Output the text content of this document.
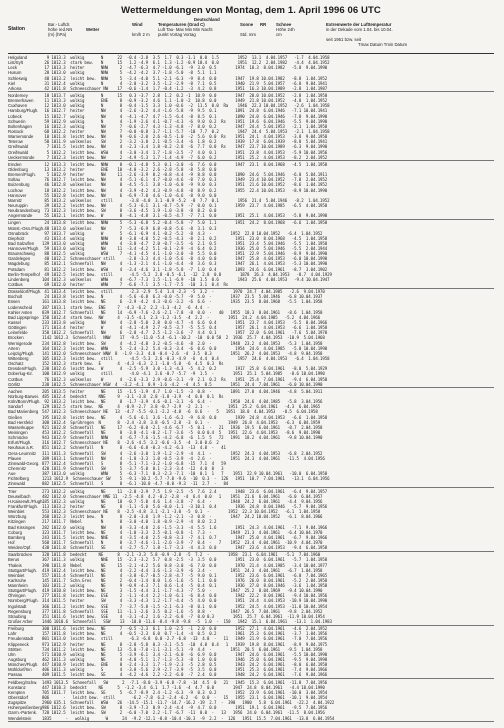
Wettermeldungen von Montag, dem 1. April 1996 06 UTC
Deutschland
Station
Bar.- Luftdr.
höhe red.NN
(m) (hPa)
Wetter
Wind
km/h 2 m
Temperaturen (Grad C)
Luft Tau- Max Min Min Nacht
punkt Vortag Vortag
Sonne RR
Std. mm
Schnee
Höhe 24h
cm
Extremwerte der Lufttemperatur
in der Dekade vom 1.04. bis 10.04.
seit 1951 bzw. seit
Tmax Datum Tmin Datum
Helgoland	9 1013.3  wolkig       N      22  -0.4 -2.8  3.5  1.7  0.3 -1.1  0.0  1.5        1952  13.1  4.04.1957   -1.7  4.04.1958
List/Sylt	26 1012.3  stark bew.   N      15   1.2 -4.9  6.1  1.3 -1.2 -0.9 10.4  0.0        1951  12.2  2.04.1982   -4.4  4.04.1952
Leck	17 1013.3  heiter       NNW     2  -4.7 -6.3  4.7 -1.0 -6.1  -9  3.0  0.5        1974  18.3  8.04.1982   -5.8  9.04.1990
Husum	28 1013.0  wolkig       NNW     5  -4.2 -4.2  3.7 -1.8 -5.0  -8  5.1  1.1
Schleswig	48 1013.2  leicht bew.  NNW     5  -3.4 -4.0  5.1 -2.1 -6.3  -9  8.4  0.0        1947  19.8 10.04.1982   -8.8  1.04.1952
Kiel	31 1012.4  wolkig       N       4  -2.0 -3.2  3.5 -1.2 -2.9  -8  7.1  0.5        1940  21.9  5.04.1957   -6.8  9.04.1941
Arkona	42 1011.8  Schneeschauer NW    17  -0.6 -1.4  1.7 -0.4 -1.2  -3  4.2  0.8        1951  16.3 10.04.1989   -2.8  1.04.1987
Norderney	18 1013.7  wolkig       N      15   0.3 -3.7  2.8  1.2  0.2 -1  10.9  0.0        1947  20.0 10.04.1952   -2.8  1.04.1958
Bremerhaven	11 1013.3  wolkig       ENE     8  -0.9 -3.2  4.6  1.1 -1.0 -2  10.8  0.0        1949  21.8 10.04.1952   -4.8  1.04.1952
Cuxhaven	12 1013.0  wolkig       N       8  -0.4 -1.5  3.3  1.0 -0.6  -2  11.5  0.0  Ra    1946  22.3 10.04.1952   -2.6  1.04.1958
Hamburg/Flugh. 16 1012.7  heiter       NW      4  -2.6 -3.2  4.4 -1.6 -5.8  -9  9.5  0.1        1891  24.8  6.04.1946   -7.1 10.04.1941
Lübeck	15 1012.7  wolkig       NW      4  -4.1 -4.7  4.7 -1.5 -6.4  -8  8.5  0.1        1890  24.0  6.04.1946   -7.8  9.04.1990
Schwerin	59 1012.9  wolkig       N       4  -1.9 -2.6  4.1 -0.7 -4.3  -6  9.0  0.2  Rs    1951  19.6  6.04.1946   -5.5  9.04.1990
Boltenhagen	16 1012.3  wolkig       NW      7  -0.6 -2.7  4.3 -1.3 -4.8  -7  8.0  0.2        1947  24.4  5.04.1953   -2.1  1.04.1958
Rostock	68 1012.2  heiter       NW      7  -0.0 -0.8  3.7 -1.1 -5.7  -10  7.7  0.2        1947  24.4  5.04.1953   -2.1  1.04.1958
Warnemünde	10 1011.8  leicht bew.  NW      9  -0.6 -2.0  2.6 -0.5 -1.0  -2  5.6  0.0  Rs    1951  24.1  4.04.1953   -3.8  9.04.1958
Teterow	50 1011.9  wolkenlos    SW      2  -3.2 -3.8  2.1 -0.5 -3.4  -6  1.8  0.2        1939  17.8  6.04.1939   -8.8  5.04.1941
Greifswald	7 1011.5  leicht bew.  NW      4  -2.3 -3.4  1.8 -0.2 -2.8  -6  7.7  0.0  Rs    1947  23.7 10.04.1989   -6.3  9.04.1990
Greifswald	5 1012.2  leicht bew.  WSW     4  -3.0 -3.4  1.7 -1.8 -3.5  -7  4.0  0.1        1951  23.8  4.04.1953   -5.9 10.04.1956
Ueckermünde	7 1012.3  leicht bew.  NW      2  -4.9 -5.3  1.7 -1.4 -4.9  -7  6.0  0.2        1951  25.2  4.04.1953   -8.2  2.04.1952
Emden	12 1013.3  leicht bew.  NNW     8  -0.1 -4.8  5.3  0.1 -3.0  -6  7.6  0.0        1947  23.1  8.04.1968   -4.5  1.04.1958
Oldenburg	13 1013.2  heiter       ENE    10  -4.8 -3.2  2.6 -2.8 -5.8  -8  5.8  0.0
Bremen/Flugh.	5 1012.9  heiter       NW     11  -2.6 -3.9  8.2 -0.8 -4.4  -9  8.8  0.0        1890  24.6  5.04.1946   -6.0  5.04.1911
Soltau	76 1012.7  leicht bew.  NW      4  -5.1 -6.1  4.7 -0.0 -4.6  -8  7.0  0.3        1949  23.4 10.04.1952   -7.8  2.04.1952
Boizenburg	46 1012.8  wolkenlos    NW      8  -4.5 -5.1  3.8 -1.0 -6.0  -9  9.0  0.3        1951  21.6 10.04.1952   -8.6  1.04.1952
Lüchow	18 1012.2  leicht bew.  NW      4  -3.9 -4.2  4.3 -0.9 -4.8  -8  8.9  0.2        1955  22.4 10.04.1953   -8.9 10.04.1990
Hannover	55 1012.8  leicht bew.  NW      6  -6.9 -7.0  4.6 -1.0 -6.6  -8  9.0  0.0
Marnitz	85 1013.2  wolkenlos    still       -3.8 -4.8  3.1 -0.9 -5.2  -8  7.7  0.1        1956  21.4  5.04.1946   -8.2  1.04.1952
Neuruppin	39 1012.2  leicht bew.  NW      4  -5.3 -6.1  3.1 -0.7 -5.9  -7  0.0  0.1        1959  23.7  4.04.1985   -6.5  4.04.1958
Neubrandenburg 73 1012.3  leicht bew.  SW      8  -3.6 -4.5  1.9 -1.0 -3.8  -8  8.2  0.0
Angermünde	55 1012.1  leicht bew.  W       8  -4.1 -4.8  3.1 -0.5 -4.7  -7  7.1  0.0        1951  25.1  4.04.1953   -5.8  9.04.1990
Lingen	24 1013.8  leicht bew.  NNW     5  -5.3 -6.8  5.2 -0.4 -5.8  -7  5.0  1.1        1951  24.2  8.04.1968   -6.6  1.04.1958
Münst.-Osn./Flugh.
48 1013.0  wolkenlos    NW      7  -5.3 -6.9  6.8 -0.8 -5.6  -8  3.1  0.3
Osnabrück	97 1013.7  wolkig       W       5  -6.1 -6.9  4.1 -0.2 -5.2  -8  4.3  -        1952  22.8 10.04.1952   -6.4  1.04.1952
Diepholz	43 1013.4  wolkig       NNW     8  -3.8 -4.0  5.2 -0.5 -4.3  -8  2.1  0.2        1951  23.0  8.04.1968   -4.5  1.04.1958
Bad Salzuflen	139 1013.0  wolkig       WNW     4  -3.8 -4.7  2.0 -0.7 -3.5  -6  2.1  0.5        1951  23.4  5.04.1946   -5.5  1.04.1958
Hannover/Flugh. 59 1013.0  wolkig       NW     11  -3.4 -4.2  5.1 -0.1 -2.9  -4  6.4  0.2        1936  25.0  5.04.1946   -5.5  2.04.1944
Braunschweig	88 1012.5  wolkig       WSW     7  -4.1 -4.5  4.1 -1.0 -3.0  -8  5.5  0.0        1951  22.9  5.04.1946   -8.9  9.04.1990
Gardelegen	48 1012.2  Schneeschauer still     -2.8 -3.3  4.4 -1.0 -5.6  -8  4.0  0.0        1947  25.8  4.04.1953   -6.0 10.04.1990
Magdeburg	85 1012.1  Schneefall   NW      4  -1.3 -2.1  4.1 -1.0 -4.4  -8  3.6  0.3        1947  26.1  4.04.1953   -5.3 10.04.1990
Potsdam	81 1012.2  leicht bew.  WSW     4  -3.4 -4.6  3.1 -1.8 -5.8  -7  1.0  0.4        1893  24.6  6.04.1961   -8.7  3.04.1902
Berlin-Tempelhof 49 1012.5  leicht bew.  still       -4.5 -5.2  2.8 -0.5 -6.1  -12  2.8  0.8        1878  26.3  4.04.1953   -8.7  4.04.1929
Lindenberg	104 1012.3  wolkenlos    WNW     4  -6.7 -7.3  1.5 -1.1 -6.9  -10  1.5  0.6        1943  25.6  4.04.1953   -9.4 10.04.1947
Cottbus	69 1012.0  heiter       WNW     7  -6.6 -7.1  3.5 -1.7 -7.5  -10  3.1  0.4  Rs
Düsseldorf/Flugh. 41 1013.4  leicht bew.  still       -2.3 -2.9  5.4  1.4 -2.3  -5  3.2  -        1970  24.7  4.04.1985   -2.6  9.04.1970
Bocholt	24 1013.8  leicht bew.  N       4  -5.6 -6.8  6.3 -0.0 -5.7  -9  5.0  -        1937  23.5  5.04.1946   -6.8 10.04.1937
Essen	161 1013.8  leicht bew.  NE      6  -2.9 -4.2  4.3 -0.6 -3.2  -6  6.6  -        1935  23.5  8.04.1968   -5.5  1.04.1958
Lüdenscheid	387 1013.1  stark bew.  ENE     7  -4.3 -6.2  2.2 -1.3 -4.2  -6  4.4  -
Kahler Asten	839 1012.7  Schneefall   NE     14  -6.9 -7.6 -2.6 -2.1 -7.8  -8  0.0  -   40   1955  18.3  8.04.1961   -8.6  1.04.1958
Bad Lippspringe 158 1012.4  stark bew.  NW      4  -3.5 -4.1  2.3 -1.2 -3.5  -4  2.2  -        1951  24.2  4.04.1985   -5.2  4.04.1966
Kassel	233 1013.8  wolkig       NW      4  -2.8 -5.0  2.8  0.0 -4.7  -4  6.6  0.4        1951  23.7  4.04.1953   -5.5  8.04.1966
Göttingen	171 1013.4  heiter       W       4  -4.1 -4.9  2.7 -0.5 -3.7  -5  5.5  0.4        1957  26.1  4.04.1953   -6.6  1.04.1958
Leinefelde	350 1012.2  Schneefall   NW      6  -2.8 -4.7  2.5 -1.2 -3.6  -7  4.4  0.1        1957  22.0  6.04.1961   -7.6  5.04.1970
Brocken	1142 1012.3  Schneefall   NNW    17  -9.5 -11.0 -5.4 -6.1 -10.2  -10  0.0 58  2  1936  25.7  4.04.1953  -10.9  5.04.1968
Wernigerode	234 1012.8  leicht bew.  SW      4  -4.2 -4.8  3.2 -0.5 -4.6  -8  2.0  -        1948  23.2  4.04.1953   -5.3  1.04.1958
Artern	164 1012.3  leicht bew.  WNW     5  -2.4 -3.2  5.4 -0.3 -3.4  -6  0.6  0.0        1954  24.6  4.04.1985   -5.0 10.04.1990
Leipzig/Flugh.	141 1012.0  Schneeschauer WNW  8  -1.9 -3.3  4.0 -0.4 -2.6  -4  3.5  0.3        1951  26.2  4.04.1953   -4.8  9.04.1958
Wittenberg	105 1012.3  leicht bew.  still       -4.5 -5.3  2.6 -0.3 -4.9  -6  4.4  0.4        1957  24.6  4.04.1953   -6.4  1.04.1958
Oschatz	152 1012.3  stark bew.  E       4  -4.3 -6.3  2.1 -1.0 -5.0  -6  4.5  0.3  Rs
Dresden/Flugh.	230 1012.6  leicht bew.  W       4  -2.5 -5.9  3.0 -1.3 -4.3  -5  4.2  0.2        1917  25.8  6.04.1961   -8.0  5.04.1929
Doberlug-Kir.	100 1012.9  wolkig       still       -4.0 -4.1  2.6 -0.7 -5.7  -9  1.5  -        1951  25.1  5.04.1985   -8.6 10.04.1990
Cottbus	76 1012.3  wolkenlos    W       4  -2.6 -3.3  2.9 -0.6 -3.1  -9  2.1  0.2  Rs    1951  25.4  7.04.1961   -9.4  6.04.1958
Görlitz	238 1012.5  Schneeschauer WSW  4  -3.2 -4.1  0.9 -1.6 -4.2  -4  4.5  0.5        1951  24.4  7.04.1961   -6.0 10.04.1990
Aachen	205 1013.5  heiter       NE     15  -1.5 -1.9  4.7  1.0 -1.5  -3  0.8  -        1891  27.0  4.04.1946   -4.8  5.04.1911
Nürburg-Barwei. 485 1012.4  bedeckt     NNE     9  -3.1 -3.8  2.8 -1.8 -3.9  -4  0.0  0.1  Rs
Köln/Bonn/Flugh. 92 1013.2  leicht bew.  NE      8  -1.7 -3.9  4.6 -0.1 -3.1  -6  6.4  -        1958  24.6  4.04.1985   -5.8  3.04.1956
Sandorf	129 1012.5  stark bew.  NE      4  -0.9 -2.7  3.8 -0.7 -2.9  -2  2.1  -        1951  25.2  6.04.1961   -4.3  6.04.1965
Bad Marienberg 547 1012.3  Schneeschauer NE   13  -4.7 -5.5 -0.1 -2.2 -4.8  -6  0.6  -   5   1951  18.0  4.04.1953   -8.5  6.04.1958
Gießen	195 1012.8  leicht bew.  NE      4  -5.6 -6.1  3.6 -1.6 -6.2  -9  6.8  0.0        1939  24.8  4.04.1953   -6.6  1.04.1958
Bad Hersfeld	308 1012.4  Sprühregen  N       8  -2.4 -3.8  3.8 -0.5 -2.8  -3  0.1  -        1949  26.8  4.04.1953   -6.3  6.04.1959
Wasserkuppe	921 1012.8  Schneefall   NE     17  -6.2 -8.0 -2.1 -4.6 -6.7  -5  0.1  -   21   1936  19.5  6.04.1961   -8.7  2.04.1958
Meiningen	453 1012.2  Schneefall   NE      8  -3.8 -4.1 -0.2 -1.7 -3.6  -5  0.0 0.4  5   1951  22.6  4.04.1953   -8.6  9.04.1990
Schmücke	943 1012.9  Schneefall   NNW     4  -6.7 -7.6 -1.5 -4.2 -6.8  -6  1.5  5   72   1991  18.2  4.04.1961   -9.8 10.04.1990
Erfurt/Flugh.	316 1012.7  Schneeschauer NE    8  -2.6 -4.5  3.2 -0.6 -3.5  -4  3.0 0.6  2
Neuhaus a.R.	851 1012.2  Schneefall   N       8  -6.6 -6.8 -0.3 -4.2 -6.3  -13  4.8  -   41
Gera-Leumnitz	311 1011.3  Schneefall   SW      4  -2.6 -3.0  1.9 -1.2 -2.9  -4  4.1  -        1952  24.3  4.04.1953   -6.8  2.04.1952
Plauen	389 1013.1  Schneefall   NW      4  -1.8 -3.3  1.0 -0.5 -3.9  -4  2.6  -        1951  24.3  4.04.1961   -11.5  4.04.1956
Zinnwald-Georg. 877 1012.4  Schneefall   S       8  -5.1 -7.1 -3.2 -1.0 -6.8  -15  7.1  4   59
Chemnitz	420 1011.9  Schneefall   SW      5  -3.7 -5.0  0.1 -2.3 -3.4  -12  4.0  0   3
Aue	387 1013.0  wolkig       WNW     5  -6.3 -7.1  0.3 -2.3 -7.1  -10  0.1  1   7    1951  22.9 10.04.1961   -10.0  6.04.1958
Fichtelberg	1213 1012.9  Schneeschauer SW    5  -9.1 -10.2 -5.7 -7.0 -9.6  -10  0.3  -  126   1951  18.7  7.04.1961   -13.1  6.04.1956
Zinnwald	882 1012.5  Schneefall   S       8  -6.1 -10.0 -4.7 -8.0 -9.3  -11  2.7  -   84
Trier	273 1012.2  wolkig       NE     11  -2.0 -2.9  7.5  1.9 -2.5  -5  7.6  2.4        1948  23.6  6.04.1961   -6.4  9.04.1957
Deuselbach	482 1012.0  Schneeschauer NNE 11  -2.5 -4.8  4.2 -0.2 -2.8  -4  6.4  0.0   1    1951  21.6  6.04.1961   -6.0  6.04.1957
H.Kaiserwlt./Flugh.
185 1012.3  wolkig       NE     18  -0.7 -5.0  4.6  1.4 -3.8  -7  6.4  -        1948  24.2  6.04.1961   -4.4  9.04.1956
Frankfurt/Flugh. 113 1013.2  heiter       NE      8  -1.1 -5.0  5.6 -0.0 -1.1  -3 10.1  0.4        1936  24.8  8.04.1946   -5.7  9.04.1956
Weinbiet	553 1012.3  Schneeschauer NE    8  -2.5 -4.8  3.1 -2.1 -3.0  -5  0.1  -        1952  22.3 10.04.1952   -6.1  1.04.1958
Würzburg	268 1012.3  leicht bew.  N       8  -2.0 -3.0  1.9 -1.2 -2.1  -3  0.8  -        1947  24.2 10.04.1952   -6.1  8.04.1966
Kitzingen	217 1011.7  Nebel        N       8  -3.0 -4.0  1.8 -0.9 -2.9  -4  8.0  2.2
Bad Kissingen	282 1012.0  wolkig       NW      8  -3.3 -4.0  2.6 -1.5 -3.3  -4  5.5  1.6        1951  24.3  4.04.1961   -7.1  9.04.1966
Coburg	323 1011.7  leicht bew.  NE      4  -1.0 -3.3  2.5 -0.1 -0.8  -1  7.3  -        1949  21.3  4.04.1961   -6.4 10.04.1970
Bamberg	243 1011.5  leicht bew.  NNE     4  -3.5 -4.0  2.5 -0.8 -3.3  -7  4.1  0.7        1947  25.0  4.04.1961   -6.7  9.04.1966
Hof	568 1011.7  Schneefall   N       8  -3.7 -4.6 -1.1 -2.6 -3.9  -7  0.4  -   7    1952  23.4  4.04.1961  -10.9  4.04.1970
Weiden/Opf.	438 1011.8  Schneefall   SE      4  -2.7 -5.7  1.8 -1.7 -3.3  -4  4.3  0.0        1947  23.6  4.04.1953   -9.4  6.04.1958
Saarbrücken	320 1011.8  bedeckt     NE      8  -2.1 -3.3  5.8 -0.9 -2.8  -5  7.2  -        1958  23.1  6.04.1961   -5.1  7.04.1960
Berus	367 1011.3  wolkig       NNE    15  -2.3 -3.2  5.7  0.8 -2.5  -3  3.5  0.0        1951  23.0  6.04.1961   -5.7  1.04.1958
Thaleis	398 1011.8  Nebel        NE     15  -2.1 -4.2  5.6  0.8 -3.0  -6  7.0  0.0        1970  21.4  4.04.1985   -3.4 10.04.1977
Stuttgart/Flugh.	419 1012.4  leicht bew.  NE      4  -2.2 -4.4  3.6 -1.3 -3.9  -6  3.4  -        1951  24.3  4.04.1961   -6.7  1.04.1958
Weinbiet	557 1011.4  Schneefall   NE      4  -3.8 -6.7 -0.5 -2.8 -4.7  -5  9.0  0.1        1952  23.6  6.04.1961   -6.0  7.04.1965
Karlsruhe	145 1011.7  Schn.Gres    NE      2  -0.4 -1.4  8.0  1.6 -1.6  -5  1.1  0.0        1976  26.0  8.04.1961   -5.2  2.04.1958
Mannheim	103 1011.2  wolkig       NE      9  -0.9 -4.3  7.1  0.6 -1.4  -5  0.4  0.1        1936  27.0  8.04.1946   -3.6  1.04.1958
Stuttgart/Flugh.	419 1010.8  leicht bew.  NE      3  -1.5 -4.4  3.1 -1.7 -4.3  -7  5.0  -        1947  25.2  8.04.1969   -9.4 10.04.1990
Öhringen	277 1011.8  leicht bew.  ESE     2  -1.1 -4.4  2.2 -1.0 -6.1  -6  8.4  0.0        1942  22.2  8.04.1961   -9.4 10.04.1956
Nürnberg/Flugh. 314 1011.5  heiter       SW      4  -3.3 -4.3  1.2 -1.7 -4.4  -5  4.0  0.0        1951  24.4  4.04.1953  -10.9 10.04.1990
Ingolstadt	366 1011.2  leicht bew.  SSE     7  -3.7 -5.8 -1.5 -2.1 -6.3  -8  0.1  0.0        1952  24.5  4.04.1953  -11.8 10.04.1954
Regensburg	377 1011.8  Schneefall   SSE    11  -1.1 -2.6  3.5  0.2 -1.6  -5  8.8  -        1947  26.5  7.04.1961   -9.8  2.04.1952
Straubing	351 1011.6  leicht bew.  SSE     4  -3.1 -4.2  1.6 -2.2 -6.8  -7  0.0 0.3        1951  25.7  6.04.1961  -11.9 10.04.1954
Großer Arber	1446 1010.6  Schneefall   SSW    13  -10.8 -11.6 -8.4 -9.8 -9.8  -5  1.0  -  150   1942  15.1  6.04.1961   -13.1  1.04.1983
Freiburg	300 1011.6  leicht bew.  NE      7  -0.5 -2.3  6.1  1.0 -2.5  -1  2.0  0.0        1952  27.1  4.04.1961   -4.6  2.04.1952
Lahr	157 1011.8  leicht bew.  NE      4  -0.5 -2.3  6.0  0.7 -1.4  -4  0.5  0.2        1961  25.3  6.04.1961   -3.7  1.04.1956
Freudenstadt	801 1013.0  leicht bew.  still       -6.3 -6.8  0.0 -2.7 -6.8  -13  4.8  -   11   1949  21.9  6.04.1961   -7.0  7.04.1956
Klippeneck	973 1012.9  heiter       NE      8  -2.8 -5.8  0.3 -3.1 -5.5  -10  4.8  0.4   1   1939  19.8  8.04.1961   -8.9  9.04.1975
Stötten	734 1011.2  leicht bew.  NE     13  -5.0 -7.0 -1.1 -3.1 -5.1  -9  4.4  -        1951  20.5  6.04.1961   -9.5  1.04.1958
Ulm	571 1010.9  wolkig       NE      5  -3.9 -6.1  3.4 -2.1 -6.0  -6  6.9  0.0        1947  24.6  6.04.1961   -5.5 10.04.1990
Augsburg	462 1011.3  wolkig       NE      4  -4.0 -5.1  1.7 -1.3 -5.3  -8  1.0  0.0        1946  25.0  6.04.1961   -9.5  9.04.1990
München/Flugh. 447 1010.9  leicht bew.  ENE     8  -2.4 -3.3  1.7 -1.9 -2.3  -5  2.8  0.5        1943  24.2  6.04.1961   -8.0  6.04.1958
Mühldorf/Inn	406 1011.3  wolkig       S       4  -3.8 -5.6  2.9 -2.7 -3.9  -5  3.5  0.0        1951  25.3  6.04.1961   -7.4  9.04.1966
Passau	409 1011.5  leicht bew.  SE      4  -4.2 -4.6  2.2 -2.2 -6.0  -7  2.4  0.0        1948  24.2  6.04.1961   -7.6  9.04.1966
Feldberg/Schw.	1493 1013.5  Schneefall   SW      2  -7.1 -8.0 -3.9 -6.8 -7.8  -14  4.5  0   21   1945  15.3  6.04.1961  -11.8  7.04.1956
Konstanz	447 1010.3  bedeckt     NE      5  -1.2 -3.4  6.1  1.7 -1.6  -4  4.7  0.0        1947  24.8  8.04.1961   -4.4 10.04.1990
Kempten	705 1011.7  leicht bew.  SE      5  -6.7 -8.9  2.4 -1.2 -6.3  -9  0.3  0.2        1952  23.9  6.04.1961  -10.0  3.04.1954
Oberstdorf	806      -   leicht bew.  still       -6.2 -7.8  6.2 -2.4 -6.2  -6  0.0  -   15   1955  23.1  6.04.1961  -10.1  9.04.1954
Zugspitze	2960 635.1  Schneefall   WSW    26  -14.5 -15.1 -11.7 -14.7 -16.2 -19  2.7  -  390   1900   5.8  6.04.1961  -22.2  4.04.1922
Hohenpeißenberg 986 1012.6  leicht bew.  SW      8  -3.9 -7.3  0.9 -2.4 -4.4  -9  4.7  0.0        1951  19.1  6.04.1961   -9.5  7.04.1956
Garm.-Partenk.	720 1012.5  leicht bew.  SW      2  -6.0 -7.0  2.2 -1.7 -6.7  -11  0.0  -   13   1956  24.0  6.04.1961  -11.5  8.04.1956
Wendelstein	1835      -   wolkig       W      24  -9.2 -12.1 -8.8 -10.4 -10.3  -9  2.2  -  126   1951  15.5  7.04.1961  -13.8  6.04.1954
